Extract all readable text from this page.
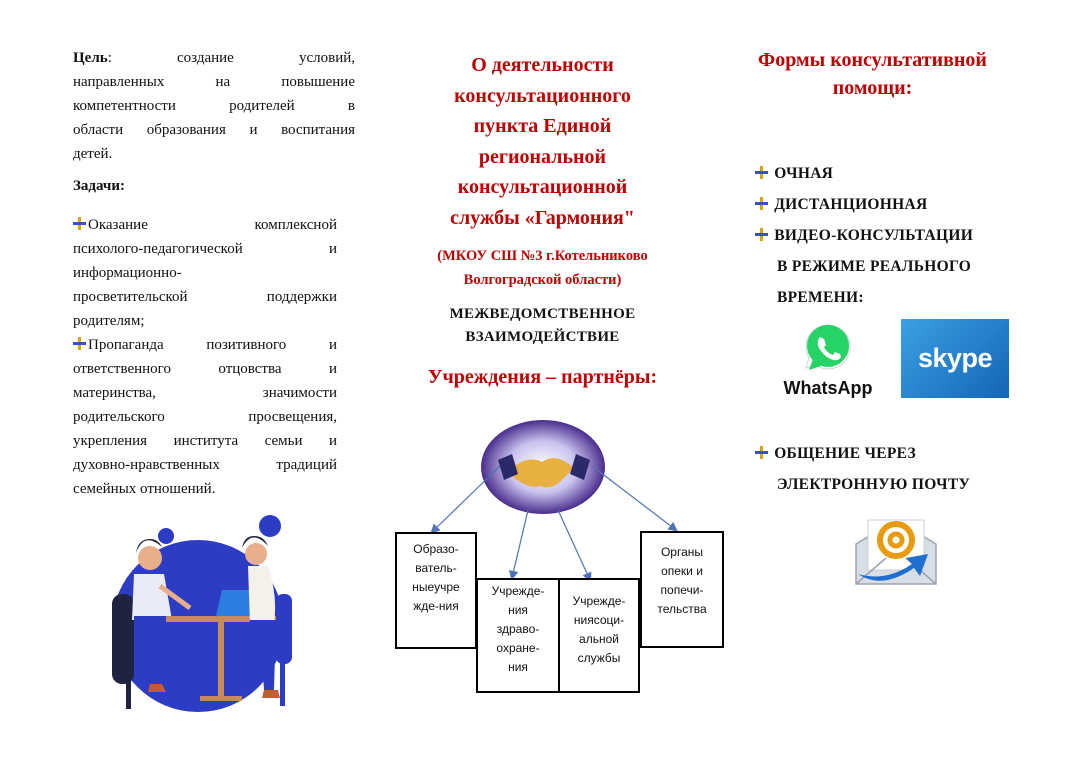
Цель: создание условий,

направленных на повышение

компетентности родителей в

области образования и воспитания

детей.

Задачи:

Оказание комплексной

психолого-педагогической и

информационно-

просветительской поддержки

родителям;

Пропаганда позитивного и

ответственного отцовства и

материнства, значимости

родительского просвещения,

укрепления института семьи и

духовно-нравственных традиций

семейных отношений.

О деятельности
консультационного
пункта Единой
региональной
консультационной
службы «Гармония"
(МКОУ СШ №3 г.Котельниково
Волгоградской области)
МЕЖВЕДОМСТВЕННОЕ
ВЗАИМОДЕЙСТВИЕ
Учреждения – партнёры:
Образо-
ватель-
ныеучре
ждe-ния
Учрежде-
ния
здраво-
охране-
ния
Учрежде-
ниясоци-
альной
службы
Органы
опеки и
попечи-
тельства
Формы консультативной
помощи:
ОЧНАЯ
ДИСТАНЦИОННАЯ
ВИДЕО-КОНСУЛЬТАЦИИ
В РЕЖИМЕ РЕАЛЬНОГО
ВРЕМЕНИ:
WhatsApp
skype
ОБЩЕНИЕ ЧЕРЕЗ
ЭЛЕКТРОННУЮ ПОЧТУ
